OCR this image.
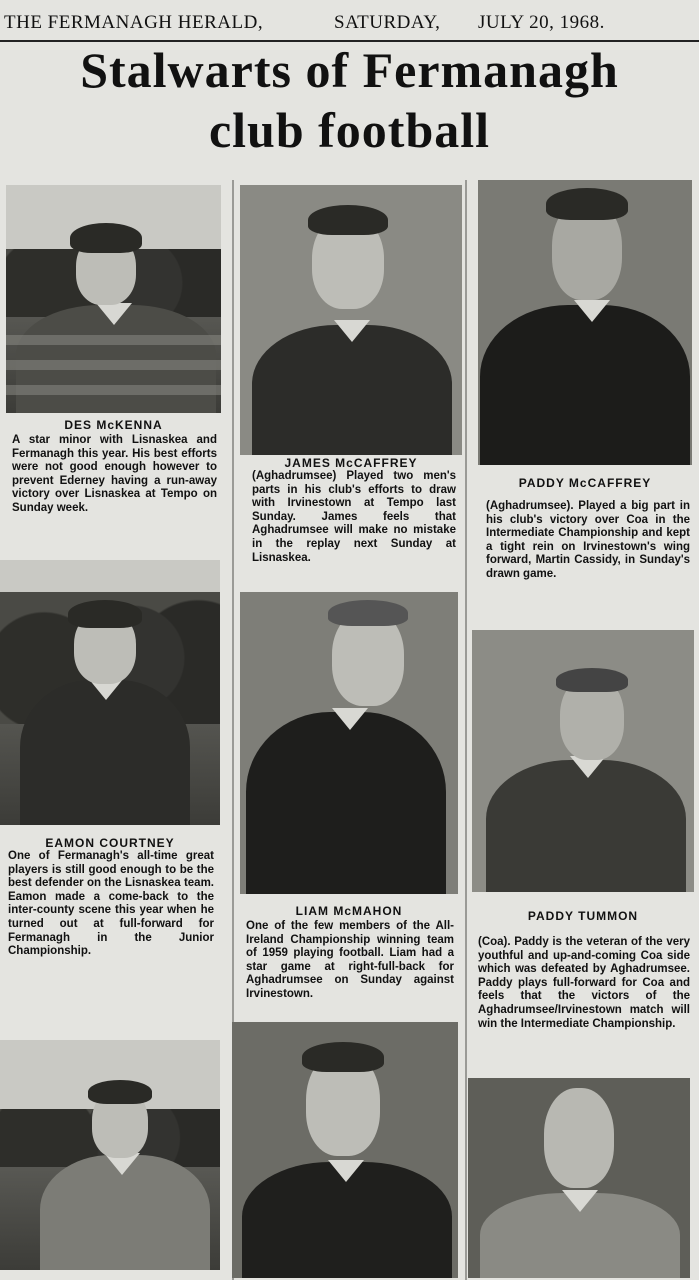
THE FERMANAGH HERALD,	SATURDAY, JULY 20, 1968.
Stalwarts of Fermanagh
club football
DES McKENNA
A star minor with Lisnaskea and Fermanagh this year. His best efforts were not good enough however to prevent Ederney having a run-away victory over Lisnaskea at Tempo on Sunday week.
EAMON COURTNEY
One of Fermanagh's all-time great players is still good enough to be the best defender on the Lisnaskea team. Eamon made a come-back to the inter-county scene this year when he turned out at full-forward for Fermanagh in the Junior Championship.
JAMES McCAFFREY
(Aghadrumsee) Played two men's parts in his club's efforts to draw with Irvinestown at Tempo last Sunday. James feels that Aghadrumsee will make no mistake in the replay next Sunday at Lisnaskea.
LIAM McMAHON
One of the few members of the All-Ireland Championship winning team of 1959 playing football. Liam had a star game at right-full-back for Aghadrumsee on Sunday against Irvinestown.
PADDY McCAFFREY
(Aghadrumsee). Played a big part in his club's victory over Coa in the Intermediate Championship and kept a tight rein on Irvinestown's wing forward, Martin Cassidy, in Sunday's drawn game.
PADDY TUMMON
(Coa). Paddy is the veteran of the very youthful and up-and-coming Coa side which was defeated by Aghadrumsee. Paddy plays full-forward for Coa and feels that the victors of the Aghadrumsee/Irvinestown match will win the Intermediate Championship.
